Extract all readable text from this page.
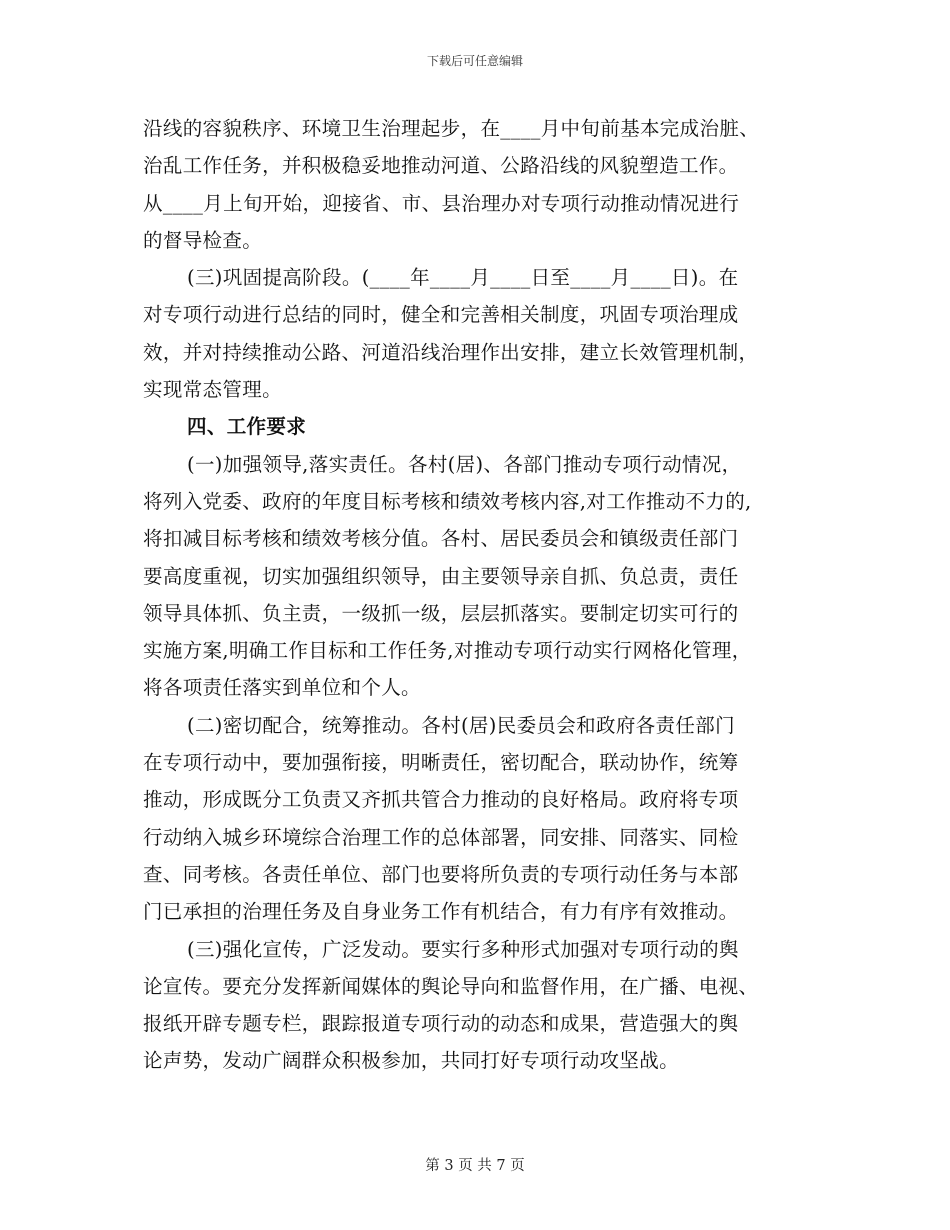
下载后可任意编辑
沿线的容貌秩序、环境卫生治理起步，在____月中旬前基本完成治脏、
治乱工作任务，并积极稳妥地推动河道、公路沿线的风貌塑造工作。
从____月上旬开始，迎接省、市、县治理办对专项行动推动情况进行
的督导检查。
(三)巩固提高阶段。(____年____月____日至____月____日)。在
对专项行动进行总结的同时，健全和完善相关制度，巩固专项治理成
效，并对持续推动公路、河道沿线治理作出安排，建立长效管理机制，
实现常态管理。
四、工作要求
(一)加强领导,落实责任。各村(居)、各部门推动专项行动情况，
将列入党委、政府的年度目标考核和绩效考核内容,对工作推动不力的,
将扣减目标考核和绩效考核分值。各村、居民委员会和镇级责任部门
要高度重视，切实加强组织领导，由主要领导亲自抓、负总责，责任
领导具体抓、负主责，一级抓一级，层层抓落实。要制定切实可行的
实施方案,明确工作目标和工作任务,对推动专项行动实行网格化管理，
将各项责任落实到单位和个人。
(二)密切配合，统筹推动。各村(居)民委员会和政府各责任部门
在专项行动中，要加强衔接，明晰责任，密切配合，联动协作，统筹
推动，形成既分工负责又齐抓共管合力推动的良好格局。政府将专项
行动纳入城乡环境综合治理工作的总体部署，同安排、同落实、同检
查、同考核。各责任单位、部门也要将所负责的专项行动任务与本部
门已承担的治理任务及自身业务工作有机结合，有力有序有效推动。
(三)强化宣传，广泛发动。要实行多种形式加强对专项行动的舆
论宣传。要充分发挥新闻媒体的舆论导向和监督作用，在广播、电视、
报纸开辟专题专栏，跟踪报道专项行动的动态和成果，营造强大的舆
论声势，发动广阔群众积极参加，共同打好专项行动攻坚战。
第 3 页 共 7 页
